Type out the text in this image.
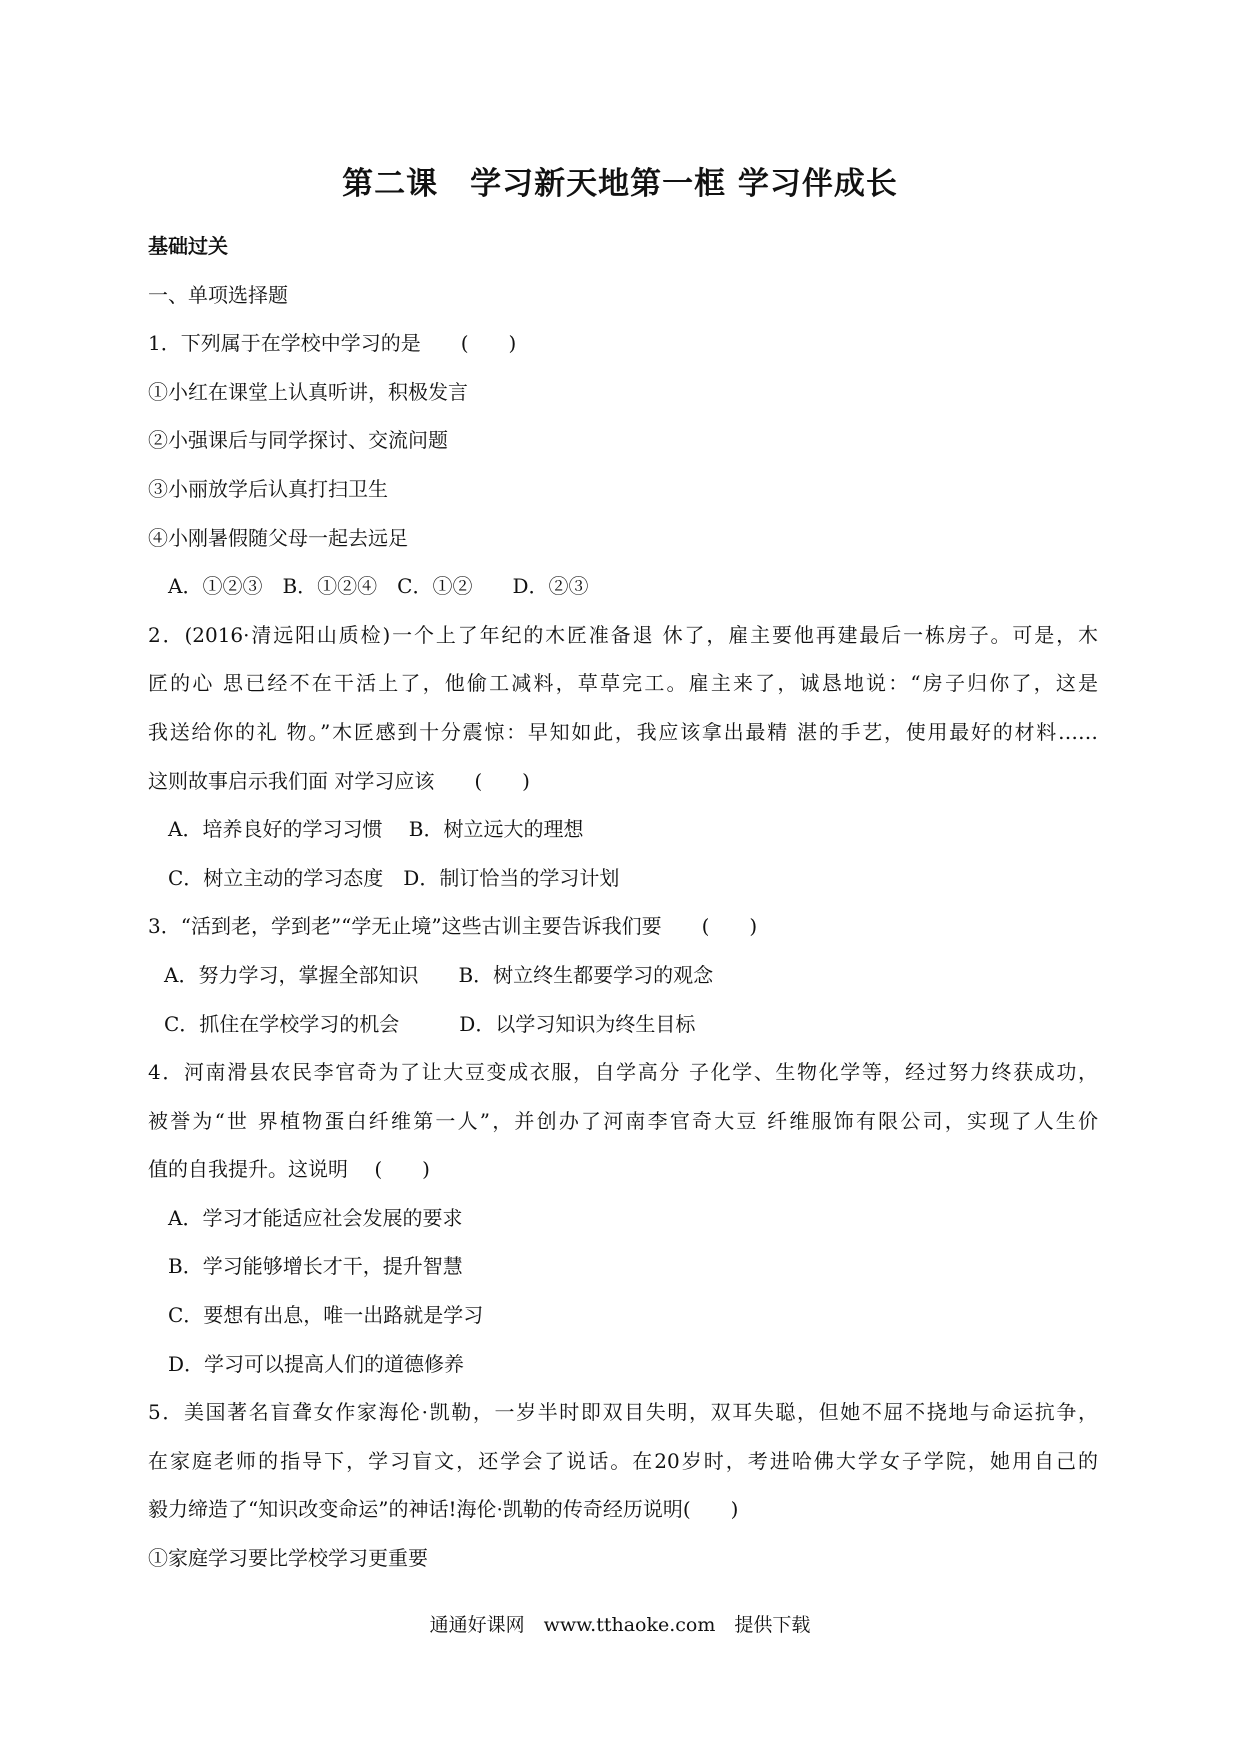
第二课　学习新天地第一框 学习伴成长
基础过关
一、单项选择题
1．下列属于在学校中学习的是　　(　　)
①小红在课堂上认真听讲，积极发言
②小强课后与同学探讨、交流问题
③小丽放学后认真打扫卫生
④小刚暑假随父母一起去远足
A．①②③　B．①②④　C．①②　　D．②③
2．(2016·清远阳山质检)一个上了年纪的木匠准备退 休了，雇主要他再建最后一栋房子。可是，木
匠的心 思已经不在干活上了，他偷工减料，草草完工。雇主来了，诚恳地说：“房子归你了，这是
我送给你的礼 物。”木匠感到十分震惊：早知如此，我应该拿出最精 湛的手艺，使用最好的材料……
这则故事启示我们面 对学习应该　　(　　)
A．培养良好的学习习惯　 B．树立远大的理想
C．树立主动的学习态度　D．制订恰当的学习计划
3．“活到老，学到老”“学无止境”这些古训主要告诉我们要　　(　　)
A．努力学习，掌握全部知识　　B．树立终生都要学习的观念
C．抓住在学校学习的机会　　　D．以学习知识为终生目标
4．河南滑县农民李官奇为了让大豆变成衣服，自学高分 子化学、生物化学等，经过努力终获成功，
被誉为“世 界植物蛋白纤维第一人”，并创办了河南李官奇大豆 纤维服饰有限公司，实现了人生价
值的自我提升。这说明　 (　　)
A．学习才能适应社会发展的要求
B．学习能够增长才干，提升智慧
C．要想有出息，唯一出路就是学习
D．学习可以提高人们的道德修养
5．美国著名盲聋女作家海伦·凯勒，一岁半时即双目失明，双耳失聪，但她不屈不挠地与命运抗争，
在家庭老师的指导下，学习盲文，还学会了说话。在20岁时，考进哈佛大学女子学院，她用自己的
毅力缔造了“知识改变命运”的神话!海伦·凯勒的传奇经历说明(　　)
①家庭学习要比学校学习更重要
通通好课网　www.tthaoke.com　提供下载
